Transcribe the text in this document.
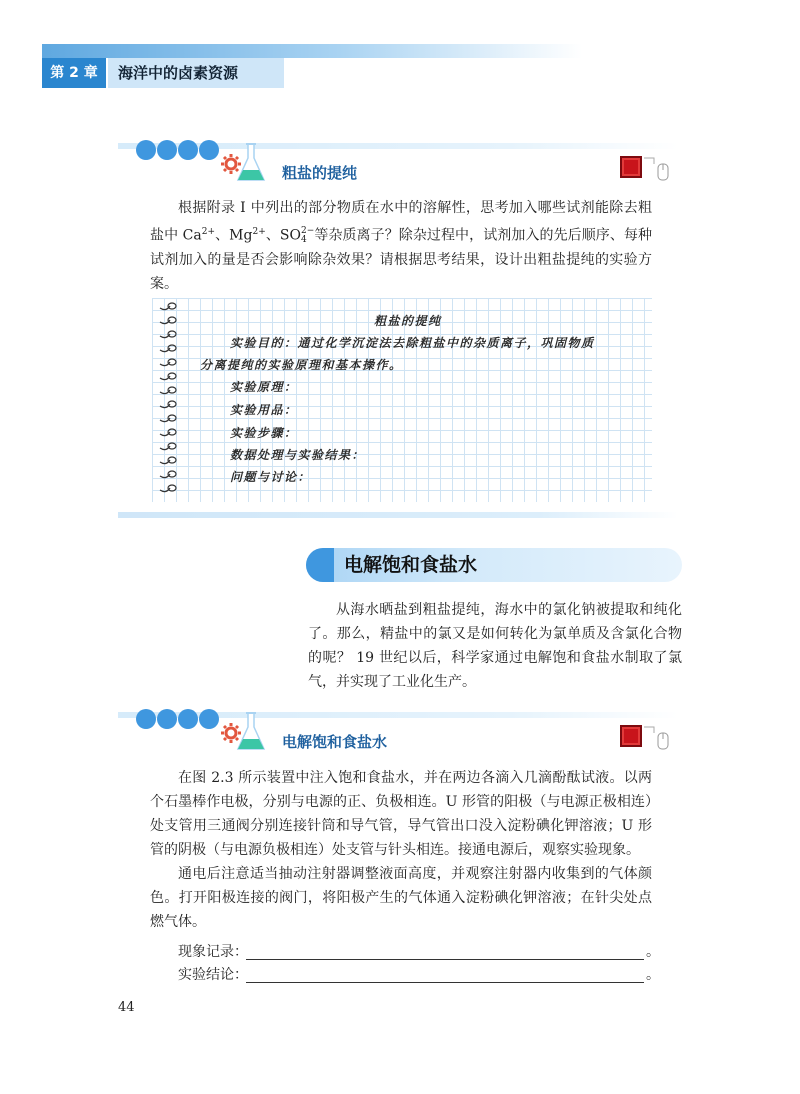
第 2 章	海洋中的卤素资源
粗盐的提纯

根据附录 Ⅰ 中列出的部分物质在水中的溶解性，思考加入哪些试剂能除去粗盐中 $Ca^{2+}$、$Mg^{2+}$、SO 2−
4 等杂质离子？除杂过程中，试剂加入的先后顺序、每种试剂加入的量是否会影响除杂效果？请根据思考结果，设计出粗盐提纯的实验方案。

粗盐的提纯
实验目的：通过化学沉淀法去除粗盐中的杂质离子，巩固物质
分离提纯的实验原理和基本操作。
实验原理：
实验用品：
实验步骤：
数据处理与实验结果：
问题与讨论：
电解饱和食盐水

从海水晒盐到粗盐提纯，海水中的氯化钠被提取和纯化了。那么，精盐中的氯又是如何转化为氯单质及含氯化合物的呢？ 19 世纪以后，科学家通过电解饱和食盐水制取了氯气，并实现了工业化生产。

电解饱和食盐水

在图 2.3 所示装置中注入饱和食盐水，并在两边各滴入几滴酚酞试液。以两个石墨棒作电极，分别与电源的正、负极相连。U 形管的阳极（与电源正极相连）处支管用三通阀分别连接针筒和导气管，导气管出口没入淀粉碘化钾溶液；U 形管的阴极（与电源负极相连）处支管与针头相连。接通电源后，观察实验现象。

通电后注意适当抽动注射器调整液面高度，并观察注射器内收集到的气体颜色。打开阳极连接的阀门，将阳极产生的气体通入淀粉碘化钾溶液；在针尖处点燃气体。

现象记录：	。
实验结论：	。
44
